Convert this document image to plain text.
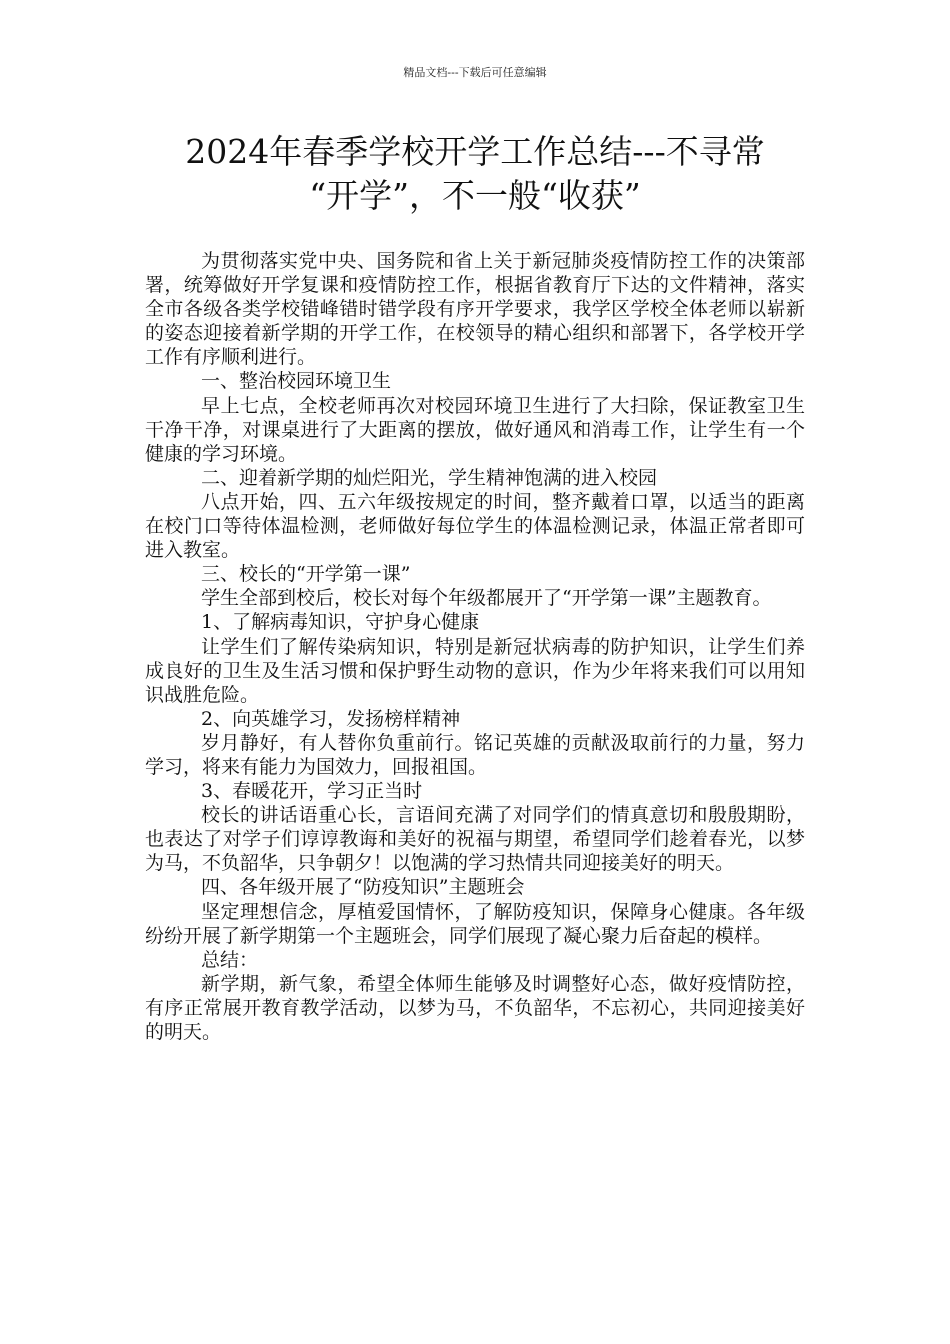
精品文档---下载后可任意编辑
2024年春季学校开学工作总结---不寻常
“开学”，不一般“收获”

为贯彻落实党中央、国务院和省上关于新冠肺炎疫情防控工作的决策部署，统筹做好开学复课和疫情防控工作，根据省教育厅下达的文件精神，落实全市各级各类学校错峰错时错学段有序开学要求，我学区学校全体老师以崭新的姿态迎接着新学期的开学工作，在校领导的精心组织和部署下，各学校开学工作有序顺利进行。

一、整治校园环境卫生

早上七点，全校老师再次对校园环境卫生进行了大扫除，保证教室卫生干净干净，对课桌进行了大距离的摆放，做好通风和消毒工作，让学生有一个健康的学习环境。

二、迎着新学期的灿烂阳光，学生精神饱满的进入校园

八点开始，四、五六年级按规定的时间，整齐戴着口罩，以适当的距离在校门口等待体温检测，老师做好每位学生的体温检测记录，体温正常者即可进入教室。

三、校长的“开学第一课”

学生全部到校后，校长对每个年级都展开了“开学第一课”主题教育。

1、了解病毒知识，守护身心健康

让学生们了解传染病知识，特别是新冠状病毒的防护知识，让学生们养成良好的卫生及生活习惯和保护野生动物的意识，作为少年将来我们可以用知识战胜危险。

2、向英雄学习，发扬榜样精神

岁月静好，有人替你负重前行。铭记英雄的贡献汲取前行的力量，努力学习，将来有能力为国效力，回报祖国。

3、春暖花开，学习正当时

校长的讲话语重心长，言语间充满了对同学们的情真意切和殷殷期盼，也表达了对学子们谆谆教诲和美好的祝福与期望，希望同学们趁着春光，以梦为马，不负韶华，只争朝夕！以饱满的学习热情共同迎接美好的明天。

四、各年级开展了“防疫知识”主题班会

坚定理想信念，厚植爱国情怀，了解防疫知识，保障身心健康。各年级纷纷开展了新学期第一个主题班会，同学们展现了凝心聚力后奋起的模样。

总结：

新学期，新气象，希望全体师生能够及时调整好心态，做好疫情防控，有序正常展开教育教学活动，以梦为马，不负韶华，不忘初心，共同迎接美好的明天。
